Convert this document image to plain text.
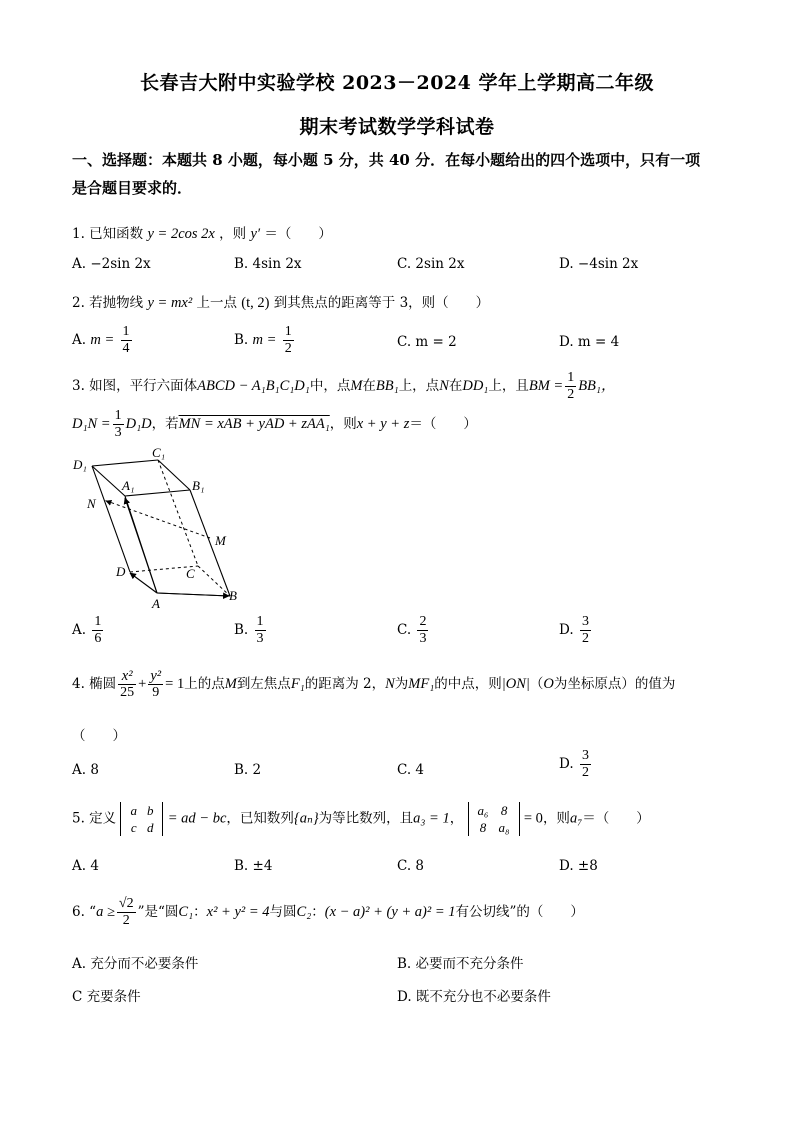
长春吉大附中实验学校 2023－2024 学年上学期高二年级
期末考试数学学科试卷
一、选择题：本题共 8 小题，每小题 5 分，共 40 分．在每小题给出的四个选项中，只有一项
是合题目要求的．
1. 已知函数 y = 2cos 2x ，则 y′ ＝（　　）
A. −2sin 2x	B. 4sin 2x	C. 2sin 2x	D. −4sin 2x
2. 若抛物线 y = mx² 上一点 (t, 2) 到其焦点的距离等于 3，则（　　）
A. $m = \frac{1}{4}$	B. $m = \frac{1}{2}$	C. m = 2	D. m = 4
3. 如图，平行六面体ABCD − A₁B₁C₁D₁中，点M在BB₁上，点N在DD₁上，且BM = $\frac{1}{2} BB_1$，
$D_1N = \frac{1}{3} D_1D$，若MN = xAB + yAD + zAA₁，则x + y + z＝（　　）
D₁
C₁
A₁	B₁
N
M
D	C
A
B
A. $\frac{1}{6}$	B. $\frac{1}{3}$	C. $\frac{2}{3}$	D. $\frac{3}{2}$
4. 椭圆 $\frac{\text{x²}}{25} + \frac{\text{y²}}{9} = 1$上的点M到左焦点F₁的距离为 2，N为MF₁的中点，则|ON|（O为坐标原点）的值为
（　　）
A. 8	B. 2	C. 4	D. $\frac{3}{2}$
5. 定义 a	b
c	d
= ad − bc，已知数列{aₙ}为等比数列，且a₃ = 1， a₆	8
8	a₈
= 0，则a₇＝（　　）
A. 4	B. ±4	C. 8	D. ±8
6. “$a \ge \frac{√2}{2}$ ”是“圆C₁：x² + y² = 4与圆C₂：(x − a)² + (y + a)² = 1有公切线”的（　　）
A. 充分而不必要条件	B. 必要而不充分条件
C 充要条件	D. 既不充分也不必要条件
